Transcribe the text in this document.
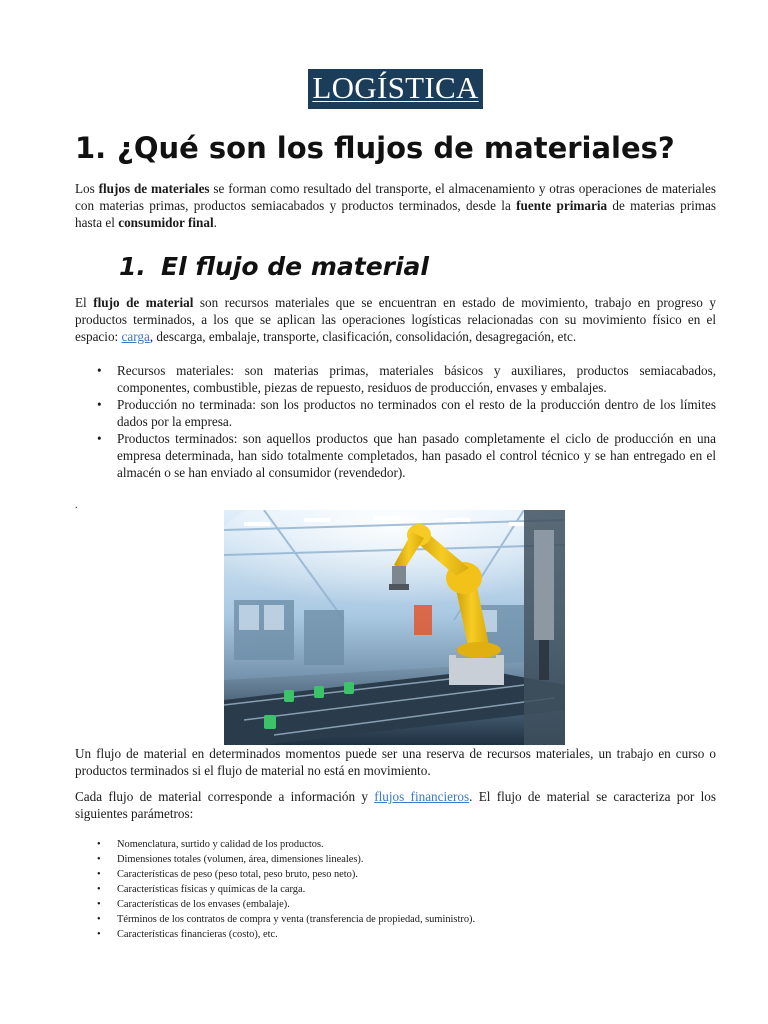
LOGÍSTICA
1. ¿Qué son los flujos de materiales?

Los flujos de materiales se forman como resultado del transporte, el almacenamiento y otras operaciones de materiales con materias primas, productos semiacabados y productos terminados, desde la fuente primaria de materias primas hasta el consumidor final.

1. El flujo de material

El flujo de material son recursos materiales que se encuentran en estado de movimiento, trabajo en progreso y productos terminados, a los que se aplican las operaciones logísticas relacionadas con su movimiento físico en el espacio: carga, descarga, embalaje, transporte, clasificación, consolidación, desagregación, etc.

• Recursos materiales: son materias primas, materiales básicos y auxiliares, productos semiacabados, componentes, combustible, piezas de repuesto, residuos de producción, envases y embalajes.
• Producción no terminada: son los productos no terminados con el resto de la producción dentro de los límites dados por la empresa.
• Productos terminados: son aquellos productos que han pasado completamente el ciclo de producción en una empresa determinada, han sido totalmente completados, han pasado el control técnico y se han entregado en el almacén o se han enviado al consumidor (revendedor).
.

Un flujo de material en determinados momentos puede ser una reserva de recursos materiales, un trabajo en curso o productos terminados si el flujo de material no está en movimiento.

Cada flujo de material corresponde a información y flujos financieros. El flujo de material se caracteriza por los siguientes parámetros:

• Nomenclatura, surtido y calidad de los productos.
• Dimensiones totales (volumen, área, dimensiones lineales).
• Características de peso (peso total, peso bruto, peso neto).
• Características físicas y químicas de la carga.
• Características de los envases (embalaje).
• Términos de los contratos de compra y venta (transferencia de propiedad, suministro).
• Características financieras (costo), etc.
